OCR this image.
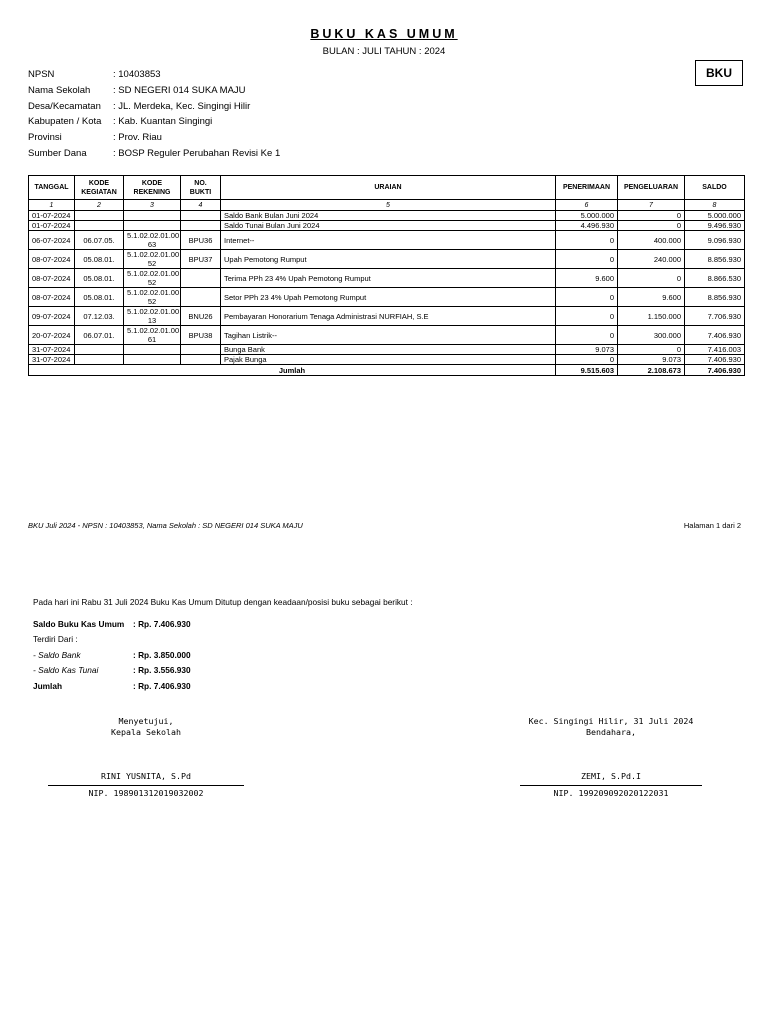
BUKU KAS UMUM
BULAN : JULI TAHUN : 2024
BKU
NPSN	: 10403853
Nama Sekolah	: SD NEGERI 014 SUKA MAJU
Desa/Kecamatan	: JL. Merdeka, Kec. Singingi Hilir
Kabupaten / Kota	: Kab. Kuantan Singingi
Provinsi	: Prov. Riau
Sumber Dana	: BOSP Reguler Perubahan Revisi Ke 1
TANGGAL	KODE KEGIATAN	KODE REKENING	NO. BUKTI	URAIAN	PENERIMAAN	PENGELUARAN	SALDO
1	2	3	4	5	6	7	8
01-07-2024				Saldo Bank Bulan Juni 2024	5.000.000	0	5.000.000
01-07-2024				Saldo Tunai Bulan Juni 2024	4.496.930	0	9.496.930
06-07-2024	06.07.05.	5.1.02.02.01.00 63	BPU36	Internet--	0	400.000	9.096.930
08-07-2024	05.08.01.	5.1.02.02.01.00 52	BPU37	Upah Pemotong Rumput	0	240.000	8.856.930
08-07-2024	05.08.01.	5.1.02.02.01.00 52		Terima PPh 23 4% Upah Pemotong Rumput	9.600	0	8.866.530
08-07-2024	05.08.01.	5.1.02.02.01.00 52		Setor PPh 23 4% Upah Pemotong Rumput	0	9.600	8.856.930
09-07-2024	07.12.03.	5.1.02.02.01.00 13	BNU26	Pembayaran Honorarium Tenaga Administrasi NURFIAH, S.E	0	1.150.000	7.706.930
20-07-2024	06.07.01.	5.1.02.02.01.00 61	BPU38	Tagihan Listrik--	0	300.000	7.406.930
31-07-2024				Bunga Bank	9.073	0	7.416.003
31-07-2024				Pajak Bunga	0	9.073	7.406.930
Jumlah					9.515.603	2.108.673	7.406.930
BKU Juli 2024 - NPSN : 10403853, Nama Sekolah : SD NEGERI 014 SUKA MAJU	Halaman 1 dari 2
Pada hari ini Rabu 31 Juli 2024 Buku Kas Umum Ditutup dengan keadaan/posisi buku sebagai berikut :
Saldo Buku Kas Umum	: Rp. 7.406.930
Terdiri Dari :
- Saldo Bank	: Rp. 3.850.000
- Saldo Kas Tunai	: Rp. 3.556.930
Jumlah	: Rp. 7.406.930
Menyetujui,
Kepala Sekolah
RINI YUSNITA, S.Pd
NIP. 198901312019032002
Kec. Singingi Hilir, 31 Juli 2024
Bendahara,
ZEMI, S.Pd.I
NIP. 199209092020122031
